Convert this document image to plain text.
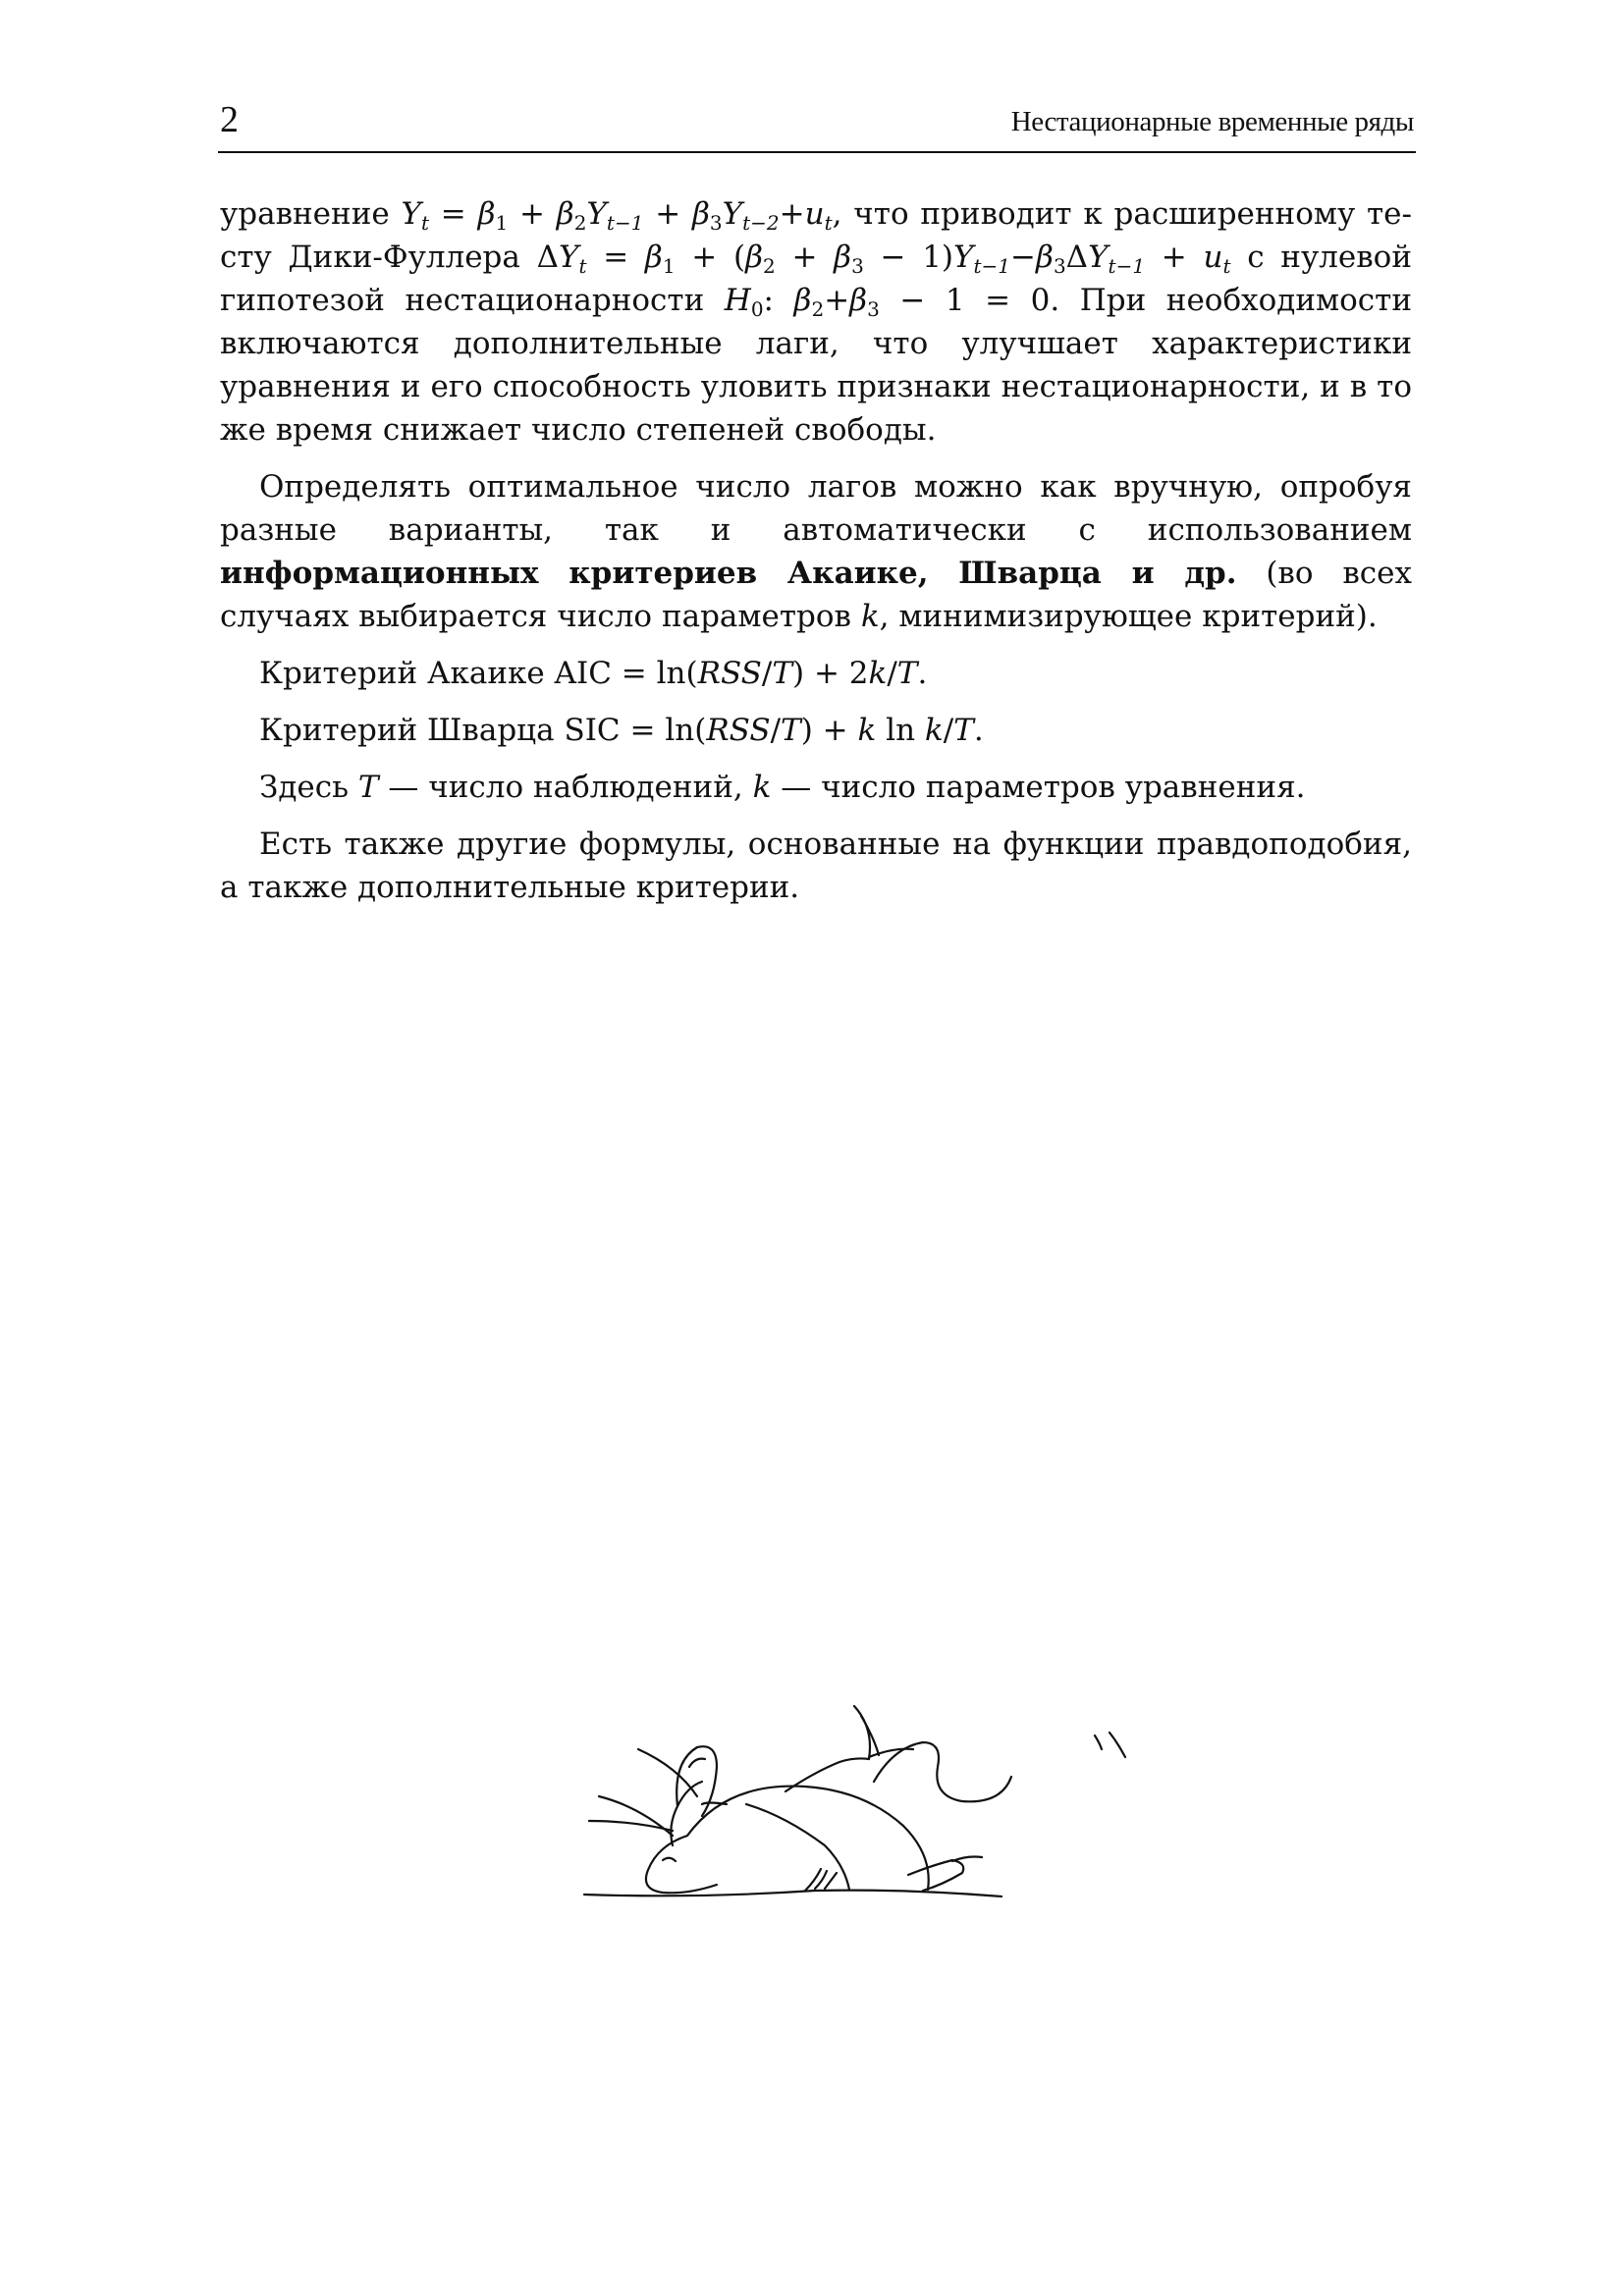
2	Нестационарные временные ряды

уравнение $Y_t = \beta_1 + \beta_2Y_{t-1} + \beta_3Y_{t-2}+u_t$, что приводит к расширенному те-сту Дики-Фуллера $\Delta Y_t = \beta_1 + (\beta_2 + \beta_3 - 1)Y_{t-1}-\beta_3\Delta Y_{t-1} + u_t$ с нулевой гипотезой нестационарности $H_0$: $\beta_2+\beta_3 - 1 = 0$. При необходимости включаются дополнительные лаги, что улучшает характеристики уравнения и его способность уловить признаки нестационарности, и в то же время снижает число степеней свободы.

Определять оптимальное число лагов можно как вручную, опробуя разные варианты, так и автоматически с использованием информационных критериев Акаике, Шварца и др. (во всех случаях выбирается число параметров k, минимизирующее критерий).

Критерий Акаике AIC = ln(RSS/T) + 2k/T.

Критерий Шварца SIC = ln(RSS/T) + k ln k/T.

Здесь T — число наблюдений, k — число параметров уравнения.

Есть также другие формулы, основанные на функции правдоподобия, а также дополнительные критерии.
